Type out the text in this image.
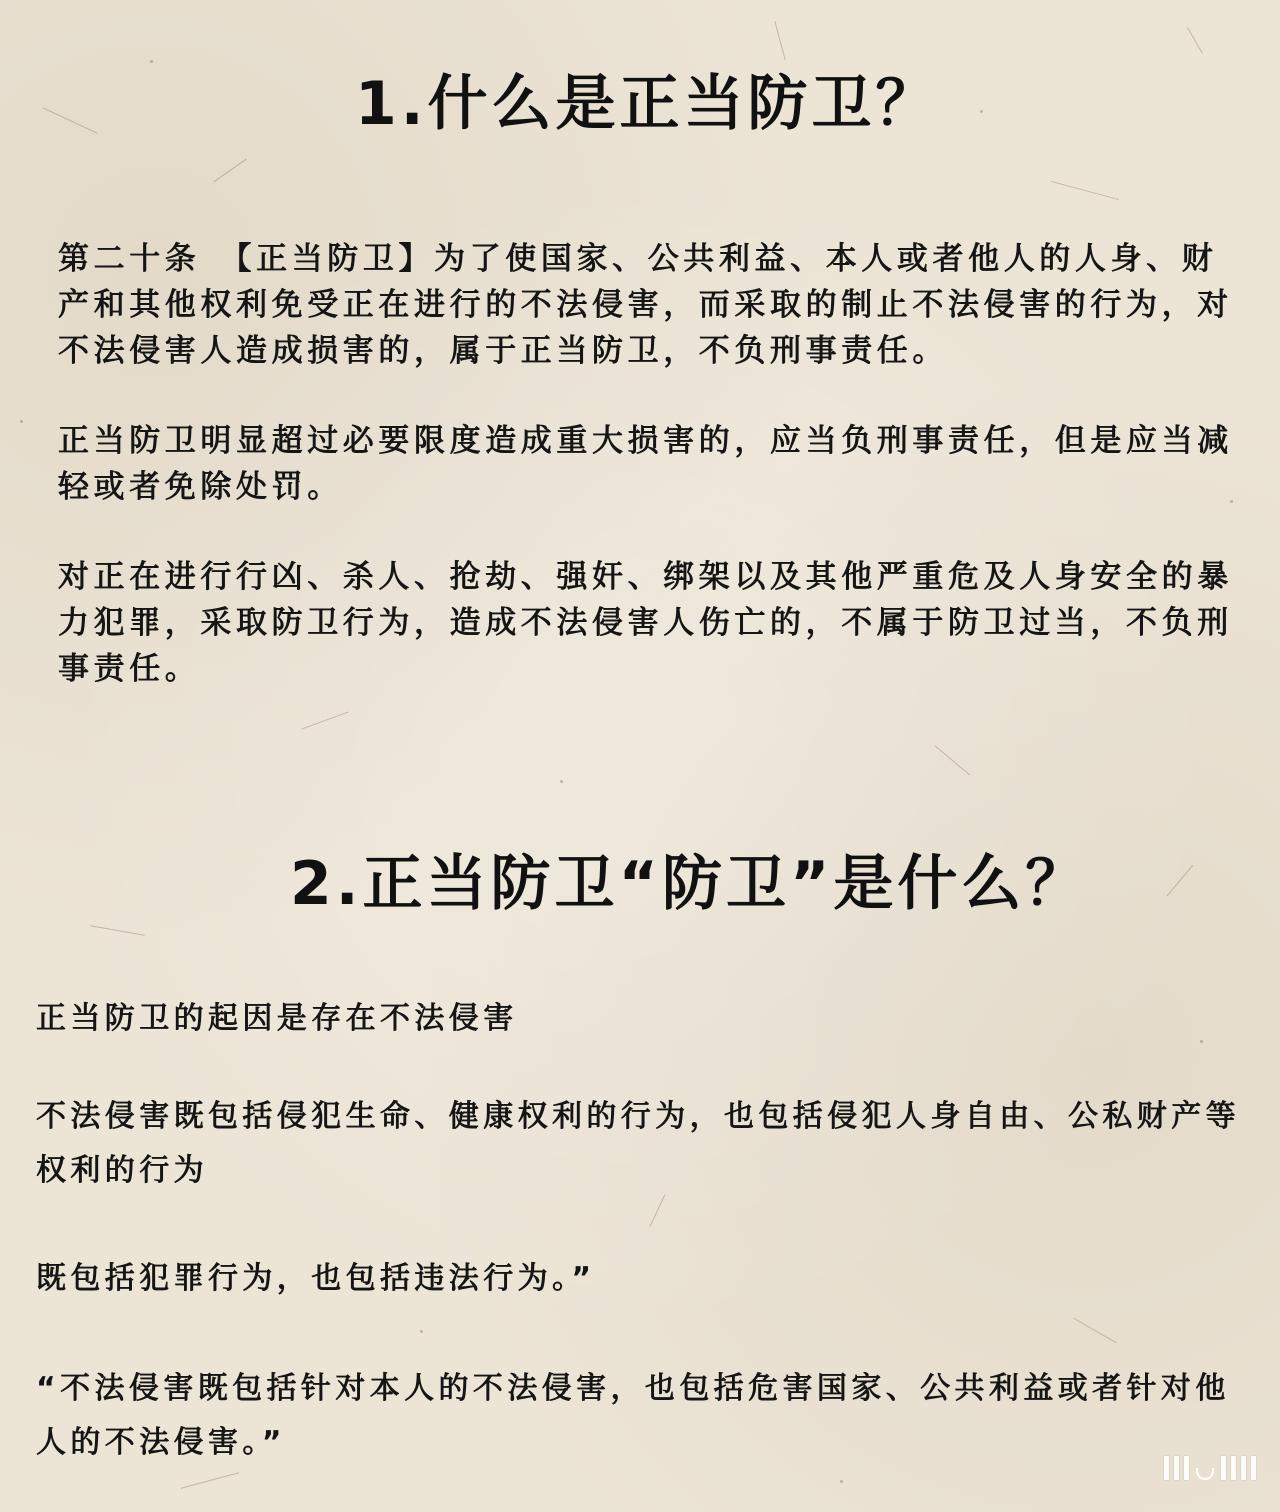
1.什么是正当防卫？
第二十条　【正当防卫】为了使国家、公共利益、本人或者他人的人身、财产和其他权利免受正在进行的不法侵害，而采取的制止不法侵害的行为，对不法侵害人造成损害的，属于正当防卫，不负刑事责任。
正当防卫明显超过必要限度造成重大损害的，应当负刑事责任，但是应当减轻或者免除处罚。
对正在进行行凶、杀人、抢劫、强奸、绑架以及其他严重危及人身安全的暴力犯罪，采取防卫行为，造成不法侵害人伤亡的，不属于防卫过当，不负刑事责任。
2.正当防卫“防卫”是什么？
正当防卫的起因是存在不法侵害
不法侵害既包括侵犯生命、健康权利的行为，也包括侵犯人身自由、公私财产等权利的行为
既包括犯罪行为，也包括违法行为。”
“不法侵害既包括针对本人的不法侵害，也包括危害国家、公共利益或者针对他人的不法侵害。”
